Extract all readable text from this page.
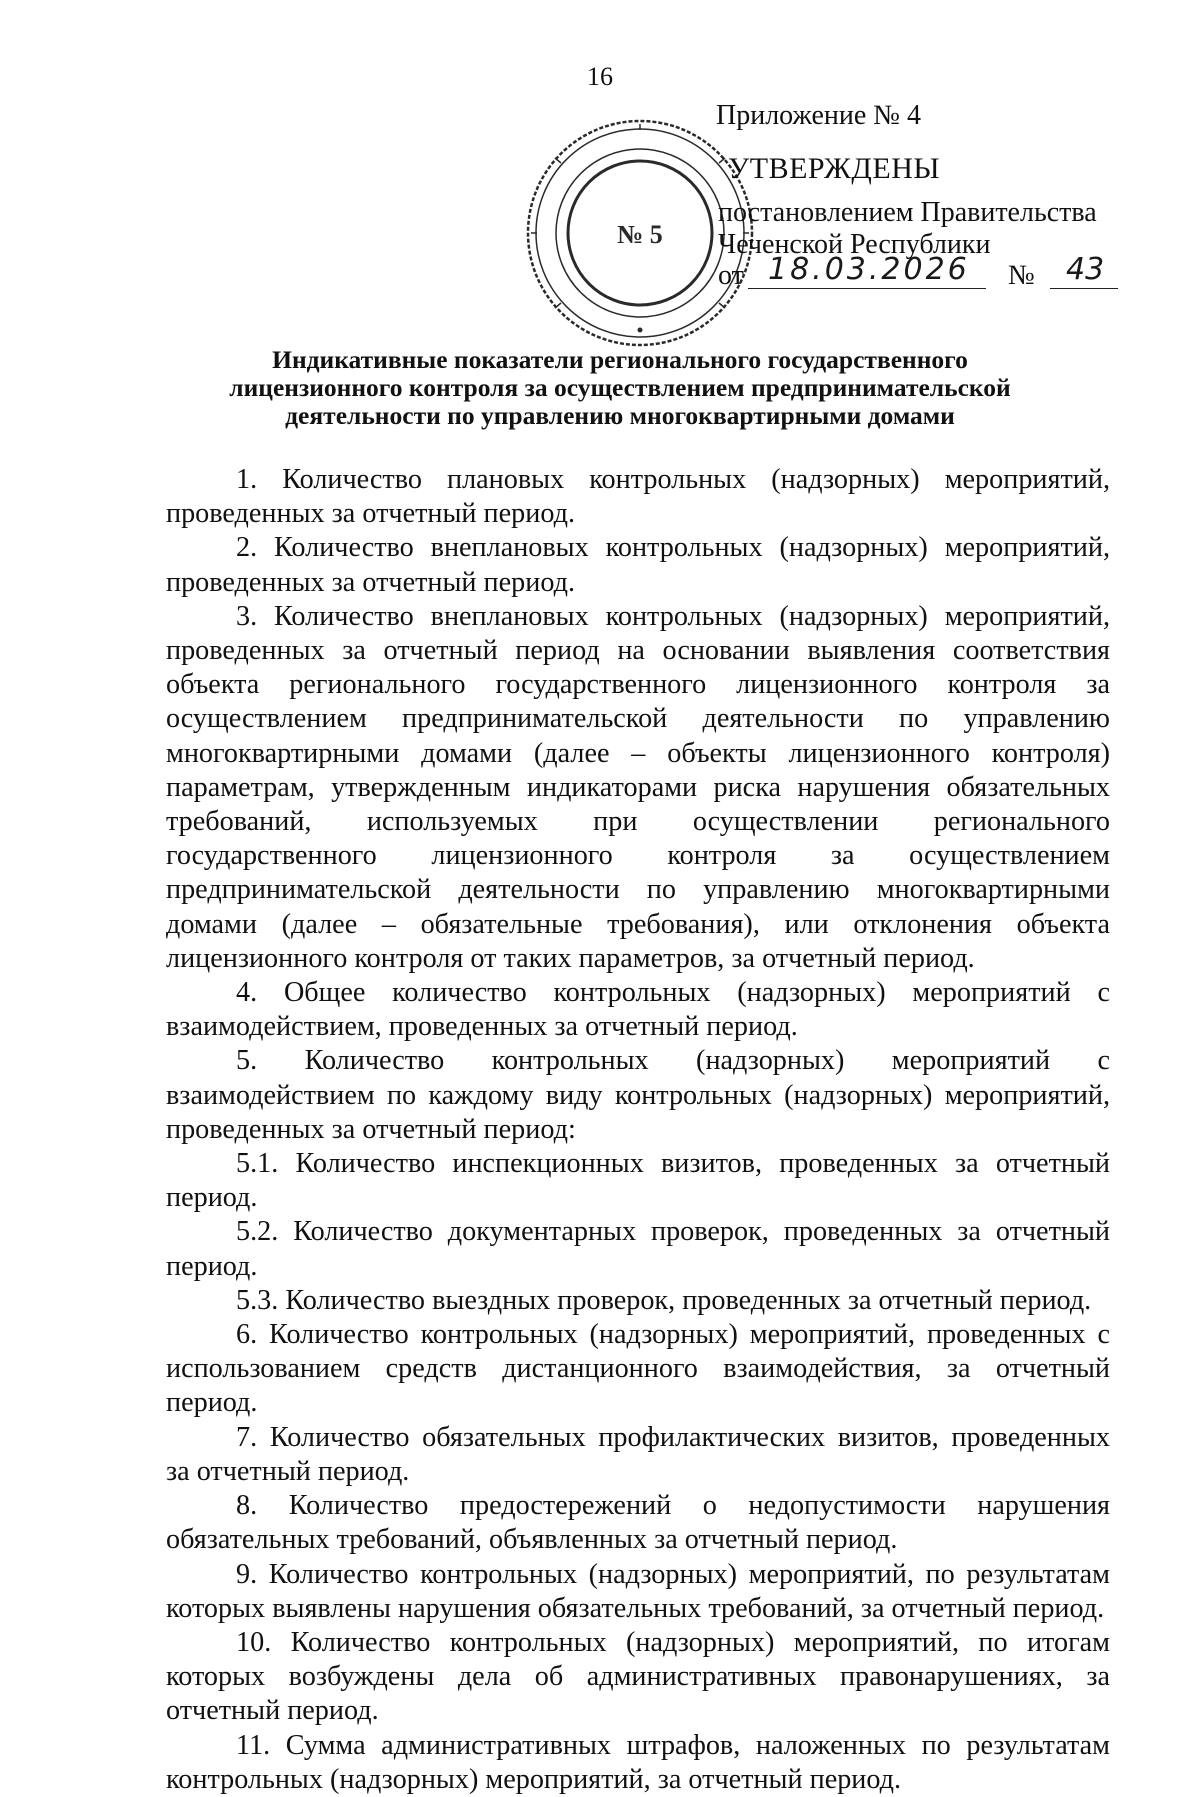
16
№ 5
Приложение № 4
УТВЕРЖДЕНЫ
постановлением Правительства
Чеченской Республики
от 18.03.2026 № 43
Индикативные показатели регионального государственного
лицензионного контроля за осуществлением предпринимательской
деятельности по управлению многоквартирными домами

1. Количество плановых контрольных (надзорных) мероприятий, проведенных за отчетный период.

2. Количество внеплановых контрольных (надзорных) мероприятий, проведенных за отчетный период.

3. Количество внеплановых контрольных (надзорных) мероприятий, проведенных за отчетный период на основании выявления соответствия объекта регионального государственного лицензионного контроля за осуществлением предпринимательской деятельности по управлению многоквартирными домами (далее – объекты лицензионного контроля) параметрам, утвержденным индикаторами риска нарушения обязательных требований, используемых при осуществлении регионального государственного лицензионного контроля за осуществлением предпринимательской деятельности по управлению многоквартирными домами (далее – обязательные требования), или отклонения объекта лицензионного контроля от таких параметров, за отчетный период.

4. Общее количество контрольных (надзорных) мероприятий с взаимодействием, проведенных за отчетный период.

5. Количество контрольных (надзорных) мероприятий с взаимодействием по каждому виду контрольных (надзорных) мероприятий, проведенных за отчетный период:

5.1. Количество инспекционных визитов, проведенных за отчетный период.

5.2. Количество документарных проверок, проведенных за отчетный период.

5.3. Количество выездных проверок, проведенных за отчетный период.

6. Количество контрольных (надзорных) мероприятий, проведенных с использованием средств дистанционного взаимодействия, за отчетный период.

7. Количество обязательных профилактических визитов, проведенных за отчетный период.

8. Количество предостережений о недопустимости нарушения обязательных требований, объявленных за отчетный период.

9. Количество контрольных (надзорных) мероприятий, по результатам которых выявлены нарушения обязательных требований, за отчетный период.

10. Количество контрольных (надзорных) мероприятий, по итогам которых возбуждены дела об административных правонарушениях, за отчетный период.

11. Сумма административных штрафов, наложенных по результатам контрольных (надзорных) мероприятий, за отчетный период.
